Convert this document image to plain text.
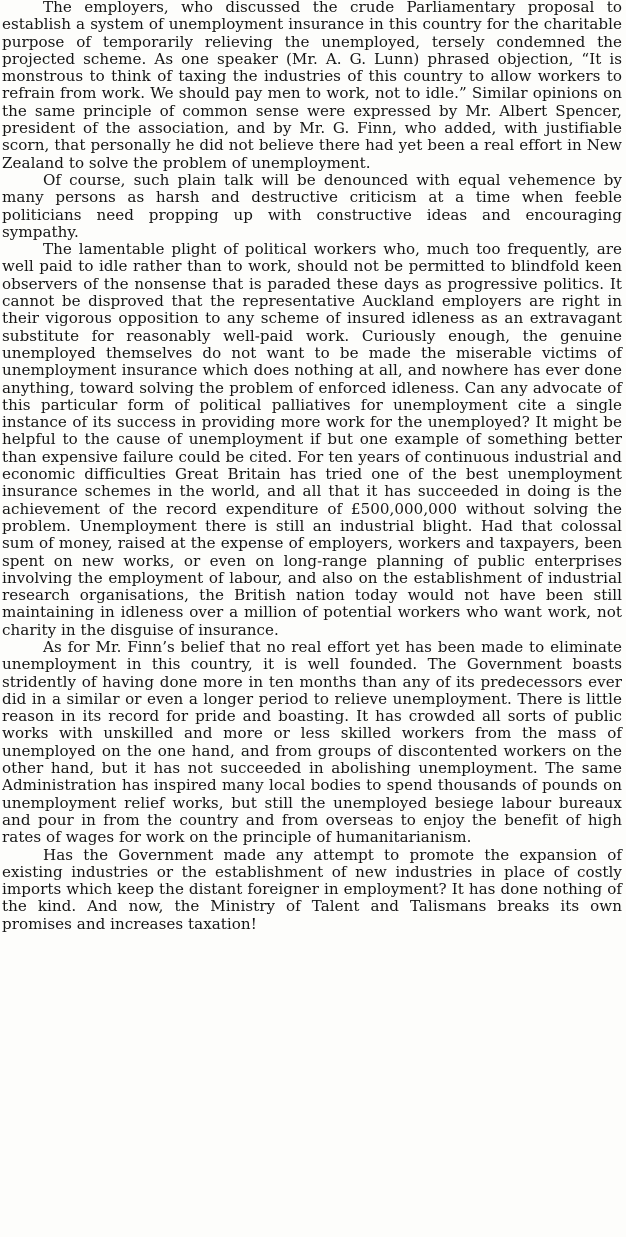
The employers, who discussed the crude Parliamentary proposal to establish a system of unemployment insurance in this country for the charitable purpose of temporarily relieving the unemployed, tersely condemned the projected scheme. As one speaker (Mr. A. G. Lunn) phrased objection, “It is monstrous to think of taxing the industries of this country to allow workers to refrain from work. We should pay men to work, not to idle.” Similar opinions on the same principle of common sense were expressed by Mr. Albert Spencer, president of the association, and by Mr. G. Finn, who added, with justifiable scorn, that personally he did not believe there had yet been a real effort in New Zealand to solve the problem of unemployment.

Of course, such plain talk will be denounced with equal vehemence by many persons as harsh and destructive criticism at a time when feeble politicians need propping up with constructive ideas and encouraging sympathy.

The lamentable plight of political workers who, much too frequently, are well paid to idle rather than to work, should not be permitted to blindfold keen observers of the nonsense that is paraded these days as progressive politics. It cannot be disproved that the representative Auckland employers are right in their vigorous opposition to any scheme of insured idleness as an extravagant substitute for reasonably well-paid work. Curiously enough, the genuine unemployed themselves do not want to be made the miserable victims of unemployment insurance which does nothing at all, and nowhere has ever done anything, toward solving the problem of enforced idleness. Can any advocate of this particular form of political palliatives for unemployment cite a single instance of its success in providing more work for the unemployed? It might be helpful to the cause of unemployment if but one example of something better than expensive failure could be cited. For ten years of continuous industrial and economic difficulties Great Britain has tried one of the best unemployment insurance schemes in the world, and all that it has succeeded in doing is the achievement of the record expenditure of £500,000,000 without solving the problem. Unemployment there is still an industrial blight. Had that colossal sum of money, raised at the expense of employers, workers and taxpayers, been spent on new works, or even on long-range planning of public enterprises involving the employment of labour, and also on the establishment of industrial research organisations, the British nation today would not have been still maintaining in idleness over a million of potential workers who want work, not charity in the disguise of insurance.

As for Mr. Finn’s belief that no real effort yet has been made to eliminate unemployment in this country, it is well founded. The Government boasts stridently of having done more in ten months than any of its predecessors ever did in a similar or even a longer period to relieve unemployment. There is little reason in its record for pride and boasting. It has crowded all sorts of public works with unskilled and more or less skilled workers from the mass of unemployed on the one hand, and from groups of discontented workers on the other hand, but it has not succeeded in abolishing unemployment. The same Administration has inspired many local bodies to spend thousands of pounds on unemployment relief works, but still the unemployed besiege labour bureaux and pour in from the country and from overseas to enjoy the benefit of high rates of wages for work on the principle of humanitarianism.

Has the Government made any attempt to promote the expansion of existing industries or the establishment of new industries in place of costly imports which keep the distant foreigner in employment? It has done nothing of the kind. And now, the Ministry of Talent and Talismans breaks its own promises and increases taxation!
